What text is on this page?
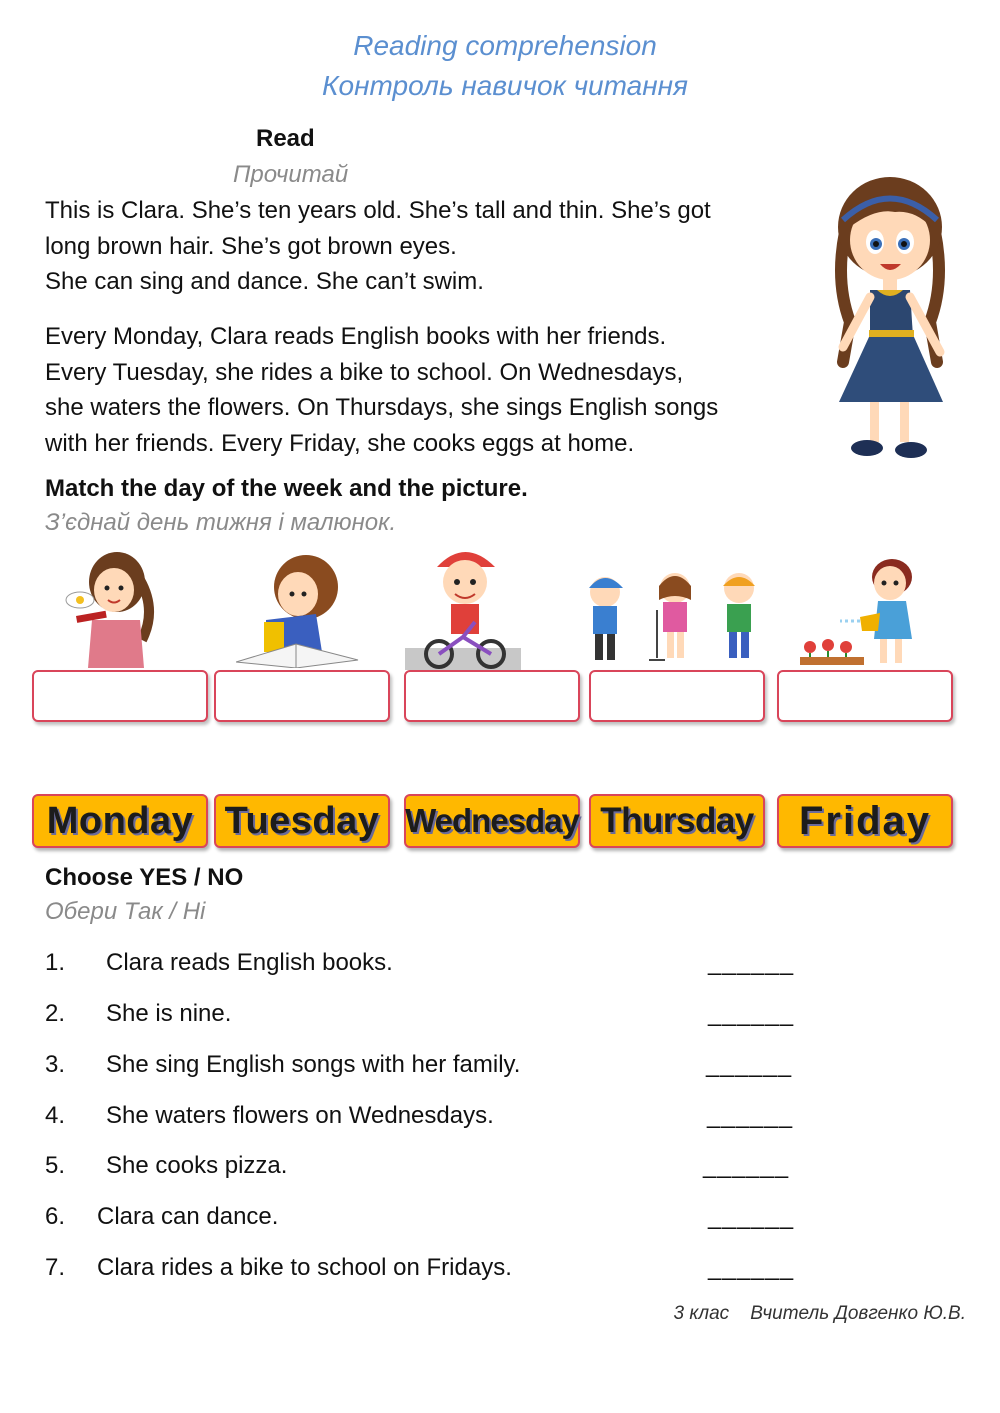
Reading comprehension
Контроль навичок читання
Read
Прочитай
This is Clara. She’s ten years old. She’s tall and thin. She’s got
long brown hair. She’s got brown eyes.
She can sing and dance. She can’t swim.
Every Monday, Clara reads English books with her friends.
Every Tuesday, she rides a bike to school. On Wednesdays,
she waters the flowers. On Thursdays, she sings English songs
with her friends. Every Friday, she cooks eggs at home.
Match the day of the week and the picture.
З’єднай день тижня і малюнок.
Monday Tuesday Wednesday Thursday	Friday
Choose YES / NO
Обери Так / Ні
1. Clara reads English books.	______
2. She is nine.	______
3. She sing English songs with her family.	______
4. She waters flowers on Wednesdays.	______
5. She cooks pizza.	______
6. Clara can dance.	______
7. Clara rides a bike to school on Fridays.	______
3 клас Вчитель Довгенко Ю.В.
